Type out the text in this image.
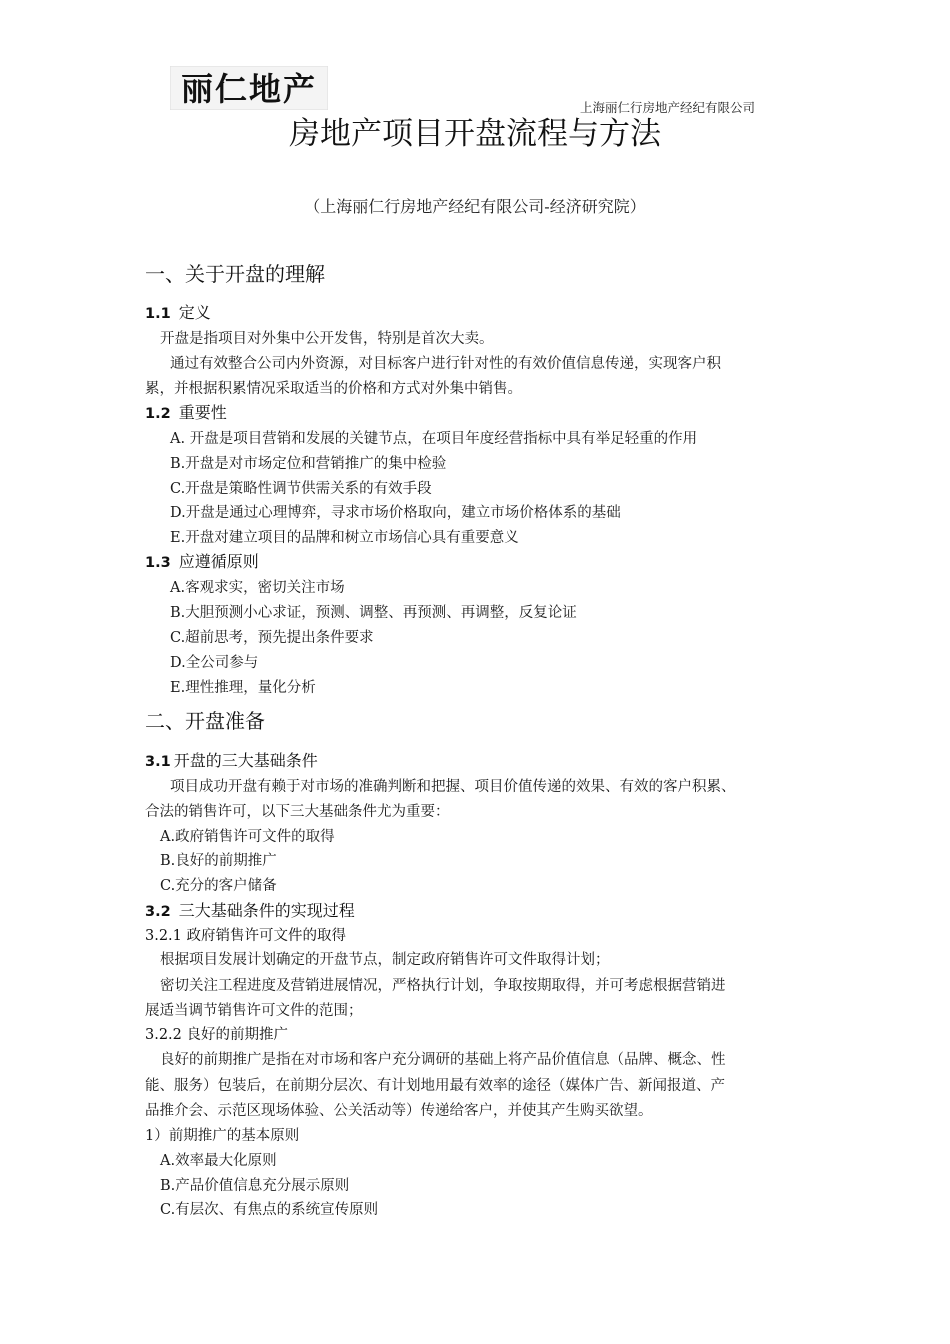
丽仁地产	上海丽仁行房地产经纪有限公司
房地产项目开盘流程与方法
（上海丽仁行房地产经纪有限公司-经济研究院）
一、关于开盘的理解
1.1 定义
开盘是指项目对外集中公开发售，特别是首次大卖。
通过有效整合公司内外资源，对目标客户进行针对性的有效价值信息传递，实现客户积
累，并根据积累情况采取适当的价格和方式对外集中销售。
1.2 重要性
A. 开盘是项目营销和发展的关键节点，在项目年度经营指标中具有举足轻重的作用
B.开盘是对市场定位和营销推广的集中检验
C.开盘是策略性调节供需关系的有效手段
D.开盘是通过心理博弈，寻求市场价格取向，建立市场价格体系的基础
E.开盘对建立项目的品牌和树立市场信心具有重要意义
1.3 应遵循原则
A.客观求实，密切关注市场
B.大胆预测小心求证，预测、调整、再预测、再调整，反复论证
C.超前思考，预先提出条件要求
D.全公司参与
E.理性推理，量化分析
二、开盘准备
3.1 开盘的三大基础条件
项目成功开盘有赖于对市场的准确判断和把握、项目价值传递的效果、有效的客户积累、
合法的销售许可，以下三大基础条件尤为重要：
A.政府销售许可文件的取得
B.良好的前期推广
C.充分的客户储备
3.2 三大基础条件的实现过程
3.2.1 政府销售许可文件的取得
根据项目发展计划确定的开盘节点，制定政府销售许可文件取得计划；
密切关注工程进度及营销进展情况，严格执行计划，争取按期取得，并可考虑根据营销进
展适当调节销售许可文件的范围；
3.2.2 良好的前期推广
良好的前期推广是指在对市场和客户充分调研的基础上将产品价值信息（品牌、概念、性
能、服务）包装后，在前期分层次、有计划地用最有效率的途径（媒体广告、新闻报道、产
品推介会、示范区现场体验、公关活动等）传递给客户，并使其产生购买欲望。
1）前期推广的基本原则
A.效率最大化原则
B.产品价值信息充分展示原则
C.有层次、有焦点的系统宣传原则
